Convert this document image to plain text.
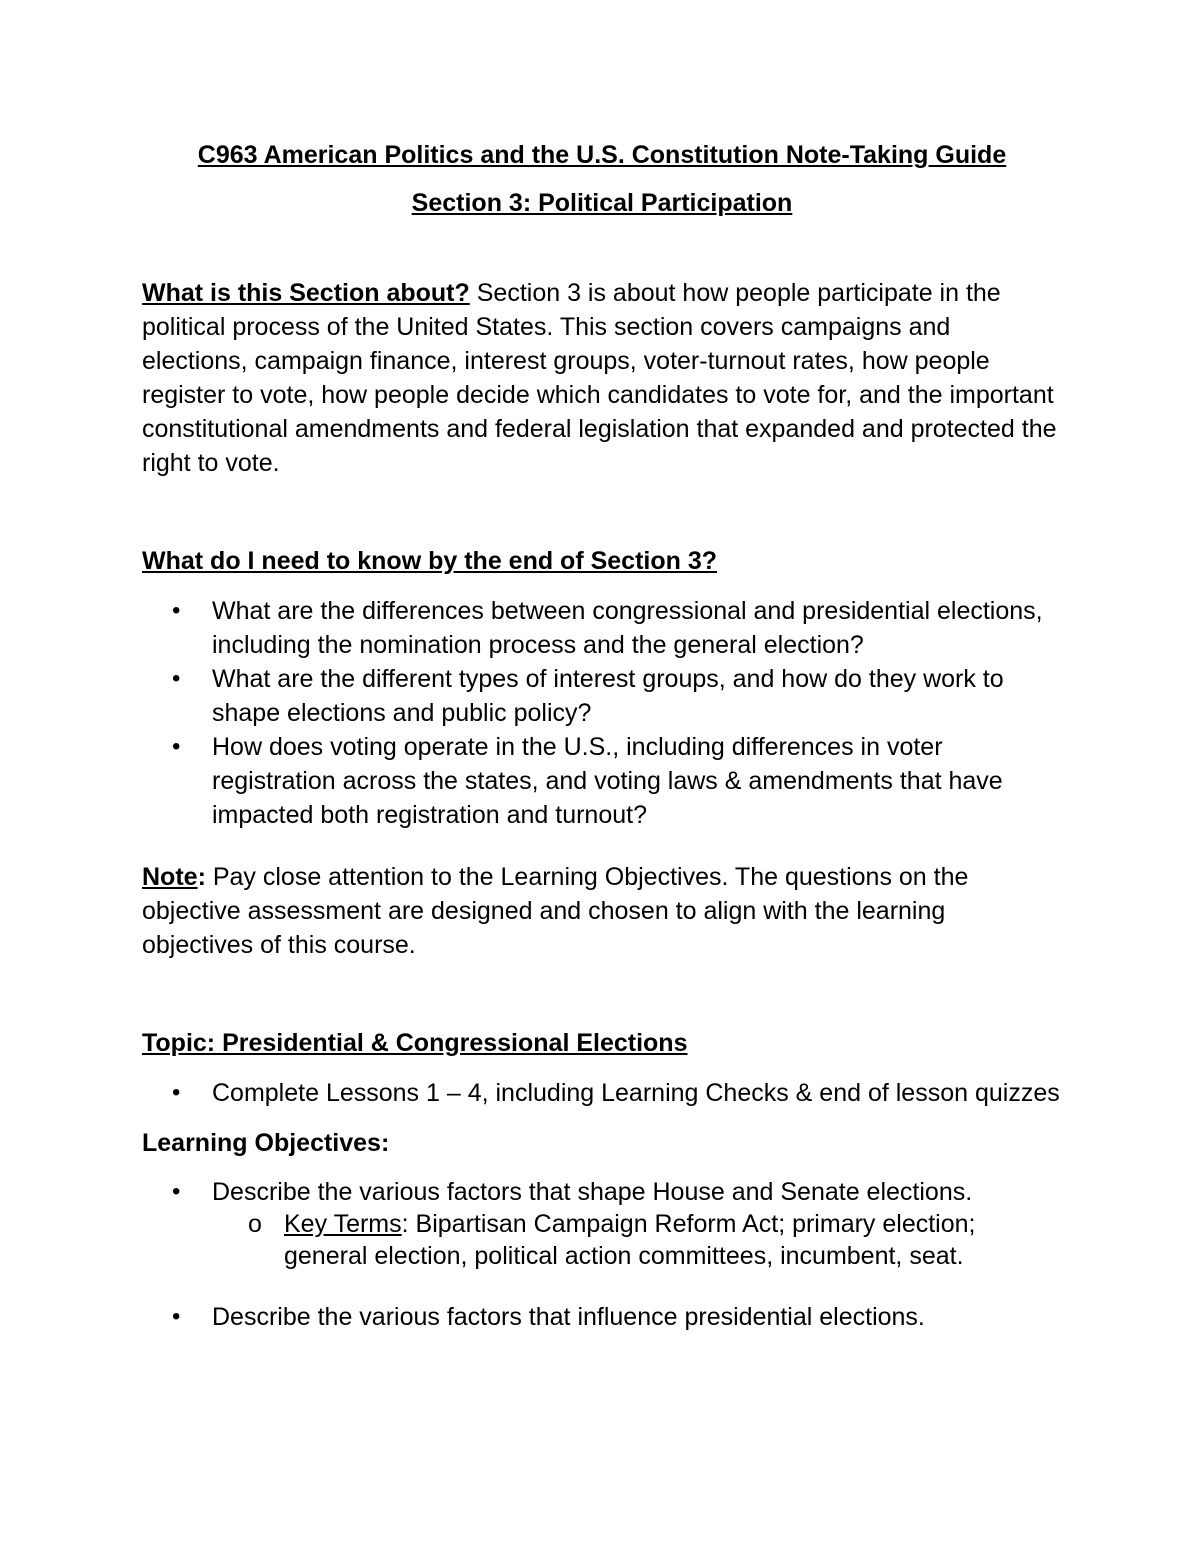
C963 American Politics and the U.S. Constitution Note-Taking Guide

Section 3: Political Participation

What is this Section about? Section 3 is about how people participate in the political process of the United States. This section covers campaigns and elections, campaign finance, interest groups, voter-turnout rates, how people register to vote, how people decide which candidates to vote for, and the important constitutional amendments and federal legislation that expanded and protected the right to vote.

What do I need to know by the end of Section 3?

• What are the differences between congressional and presidential elections, including the nomination process and the general election?
• What are the different types of interest groups, and how do they work to shape elections and public policy?
• How does voting operate in the U.S., including differences in voter registration across the states, and voting laws & amendments that have impacted both registration and turnout?

Note: Pay close attention to the Learning Objectives. The questions on the objective assessment are designed and chosen to align with the learning objectives of this course.

Topic: Presidential & Congressional Elections

• Complete Lessons 1 – 4, including Learning Checks & end of lesson quizzes

Learning Objectives:

• Describe the various factors that shape House and Senate elections.
o Key Terms: Bipartisan Campaign Reform Act; primary election; general election, political action committees, incumbent, seat.
• Describe the various factors that influence presidential elections.
